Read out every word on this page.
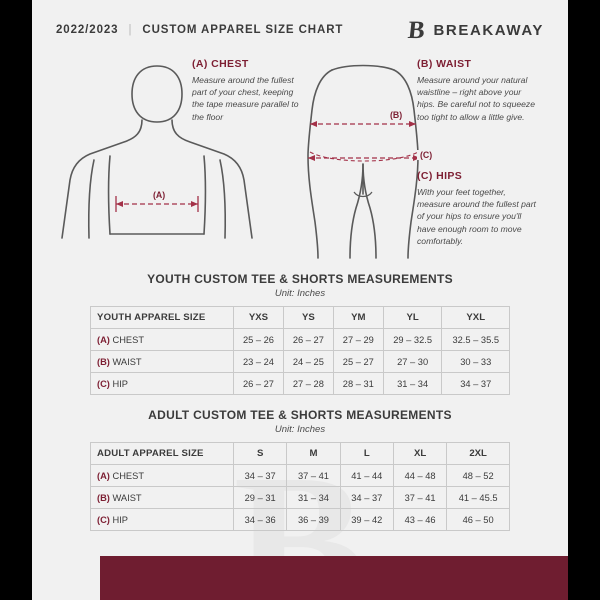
2022/2023 | CUSTOM APPAREL SIZE CHART	B BREAKAWAY
(A)
(B)
(C)
(A) CHEST
Measure around the fullest part of your chest, keeping the tape measure parallel to the floor
(B) WAIST
Measure around your natural waistline – right above your hips. Be careful not to squeeze too tight to allow a little give.
(C) HIPS
With your feet together, measure around the fullest part of your hips to ensure you'll have enough room to move comfortably.
YOUTH CUSTOM TEE & SHORTS MEASUREMENTS
Unit: Inches
YOUTH APPAREL SIZE	YXS	YS	YM	YL	YXL
(A) CHEST	25 – 26	26 – 27	27 – 29	29 – 32.5	32.5 – 35.5
(B) WAIST	23 – 24	24 – 25	25 – 27	27 – 30	30 – 33
(C) HIP	26 – 27	27 – 28	28 – 31	31 – 34	34 – 37
ADULT CUSTOM TEE & SHORTS MEASUREMENTS
Unit: Inches
ADULT APPAREL SIZE	S	M	L	XL	2XL
(A) CHEST	34 – 37	37 – 41	41 – 44	44 – 48	48 – 52
(B) WAIST	29 – 31	31 – 34	34 – 37	37 – 41	41 – 45.5
(C) HIP	34 – 36	36 – 39	39 – 42	43 – 46	46 – 50
